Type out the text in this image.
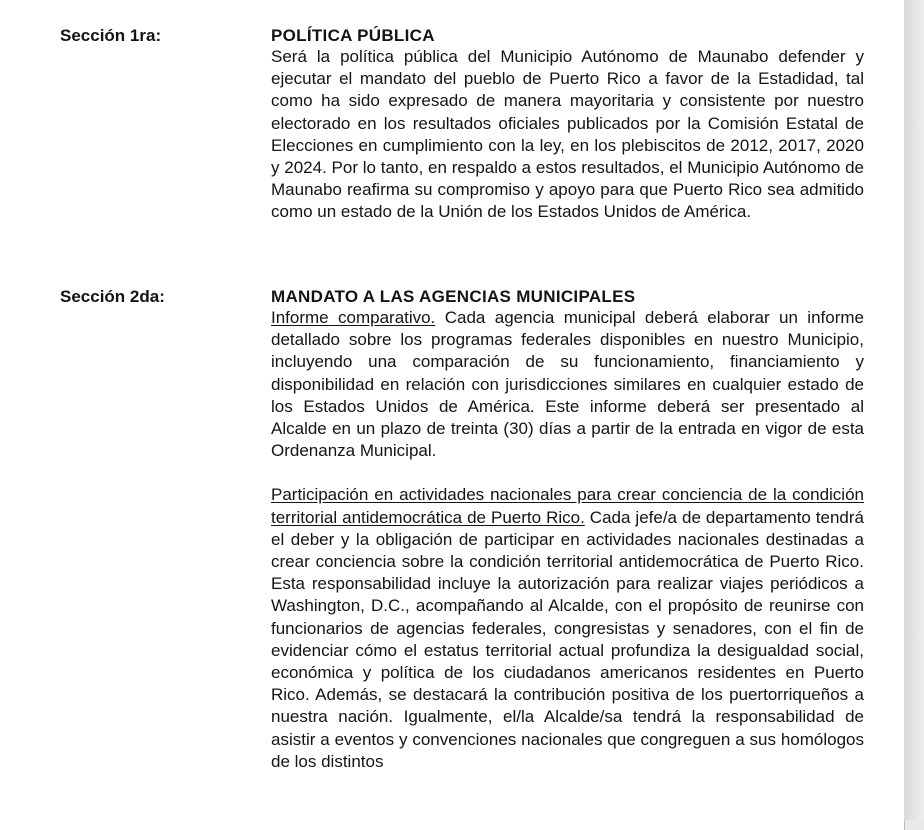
Sección 1ra:	POLÍTICA PÚBLICA

Será la política pública del Municipio Autónomo de Maunabo defender y ejecutar el mandato del pueblo de Puerto Rico a favor de la Estadidad, tal como ha sido expresado de manera mayoritaria y consistente por nuestro electorado en los resultados oficiales publicados por la Comisión Estatal de Elecciones en cumplimiento con la ley, en los plebiscitos de 2012, 2017, 2020 y 2024. Por lo tanto, en respaldo a estos resultados, el Municipio Autónomo de Maunabo reafirma su compromiso y apoyo para que Puerto Rico sea admitido como un estado de la Unión de los Estados Unidos de América.

Sección 2da:	MANDATO A LAS AGENCIAS MUNICIPALES

Informe comparativo. Cada agencia municipal deberá elaborar un informe detallado sobre los programas federales disponibles en nuestro Municipio, incluyendo una comparación de su funcionamiento, financiamiento y disponibilidad en relación con jurisdicciones similares en cualquier estado de los Estados Unidos de América. Este informe deberá ser presentado al Alcalde en un plazo de treinta (30) días a partir de la entrada en vigor de esta Ordenanza Municipal.

Participación en actividades nacionales para crear conciencia de la condición territorial antidemocrática de Puerto Rico. Cada jefe/a de departamento tendrá el deber y la obligación de participar en actividades nacionales destinadas a crear conciencia sobre la condición territorial antidemocrática de Puerto Rico. Esta responsabilidad incluye la autorización para realizar viajes periódicos a Washington, D.C., acompañando al Alcalde, con el propósito de reunirse con funcionarios de agencias federales, congresistas y senadores, con el fin de evidenciar cómo el estatus territorial actual profundiza la desigualdad social, económica y política de los ciudadanos americanos residentes en Puerto Rico. Además, se destacará la contribución positiva de los puertorriqueños a nuestra nación. Igualmente, el/la Alcalde/sa tendrá la responsabilidad de asistir a eventos y convenciones nacionales que congreguen a sus homólogos de los distintos
